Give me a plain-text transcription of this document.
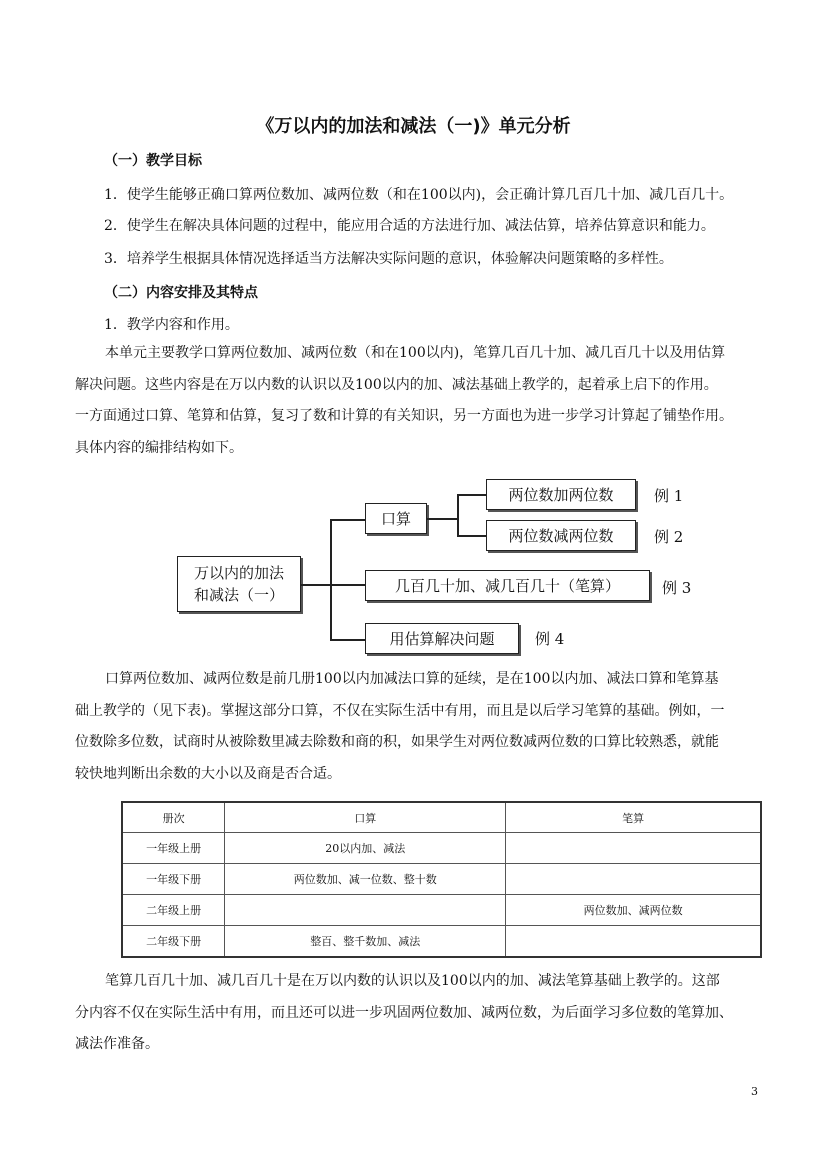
《万以内的加法和减法（一)》单元分析
（一）教学目标
1．使学生能够正确口算两位数加、减两位数（和在100以内)，会正确计算几百几十加、减几百几十。
2．使学生在解决具体问题的过程中，能应用合适的方法进行加、减法估算，培养估算意识和能力。
3．培养学生根据具体情况选择适当方法解决实际问题的意识，体验解决问题策略的多样性。
（二）内容安排及其特点
1．教学内容和作用。
本单元主要教学口算两位数加、减两位数（和在100以内)，笔算几百几十加、减几百几十以及用估算
解决问题。这些内容是在万以内数的认识以及100以内的加、减法基础上教学的，起着承上启下的作用。
一方面通过口算、笔算和估算，复习了数和计算的有关知识，另一方面也为进一步学习计算起了铺垫作用。
具体内容的编排结构如下。
万以内的加法
和减法（一）
口算
两位数加两位数
两位数减两位数
几百几十加、减几百几十（笔算）
用估算解决问题
例 1
例 2
例 3
例 4
口算两位数加、减两位数是前几册100以内加减法口算的延续，是在100以内加、减法口算和笔算基
础上教学的（见下表)。掌握这部分口算，不仅在实际生活中有用，而且是以后学习笔算的基础。例如，一
位数除多位数，试商时从被除数里减去除数和商的积，如果学生对两位数减两位数的口算比较熟悉，就能
较快地判断出余数的大小以及商是否合适。
册次	口算	笔算
一年级上册	20以内加、减法	
一年级下册	两位数加、减一位数、整十数	
二年级上册		两位数加、减两位数
二年级下册	整百、整千数加、减法	
笔算几百几十加、减几百几十是在万以内数的认识以及100以内的加、减法笔算基础上教学的。这部
分内容不仅在实际生活中有用，而且还可以进一步巩固两位数加、减两位数，为后面学习多位数的笔算加、
减法作准备。
3
